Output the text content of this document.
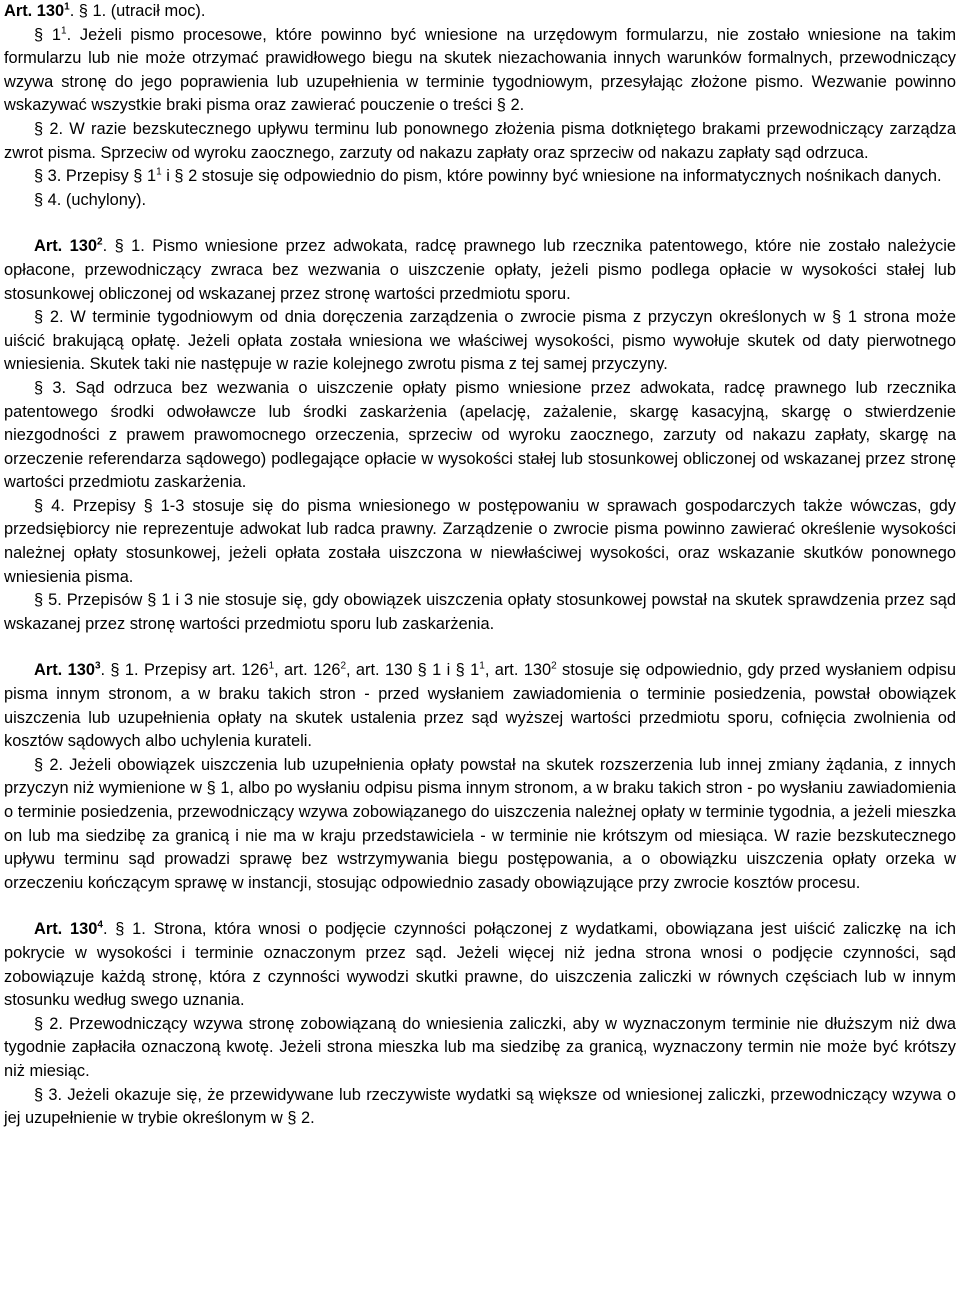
Art. $130^1$. § 1. (utracił moc).

§ $1^1$. Jeżeli pismo procesowe, które powinno być wniesione na urzędowym formularzu, nie zostało wniesione na takim formularzu lub nie może otrzymać prawidłowego biegu na skutek niezachowania innych warunków formalnych, przewodniczący wzywa stronę do jego poprawienia lub uzupełnienia w terminie tygodniowym, przesyłając złożone pismo. Wezwanie powinno wskazywać wszystkie braki pisma oraz zawierać pouczenie o treści § 2.

§ 2. W razie bezskutecznego upływu terminu lub ponownego złożenia pisma dotkniętego brakami przewodniczący zarządza zwrot pisma. Sprzeciw od wyroku zaocznego, zarzuty od nakazu zapłaty oraz sprzeciw od nakazu zapłaty sąd odrzuca.

§ 3. Przepisy § $1^1$ i § 2 stosuje się odpowiednio do pism, które powinny być wniesione na informatycznych nośnikach danych.

§ 4. (uchylony).

Art. $130^2$. § 1. Pismo wniesione przez adwokata, radcę prawnego lub rzecznika patentowego, które nie zostało należycie opłacone, przewodniczący zwraca bez wezwania o uiszczenie opłaty, jeżeli pismo podlega opłacie w wysokości stałej lub stosunkowej obliczonej od wskazanej przez stronę wartości przedmiotu sporu.

§ 2. W terminie tygodniowym od dnia doręczenia zarządzenia o zwrocie pisma z przyczyn określonych w § 1 strona może uiścić brakującą opłatę. Jeżeli opłata została wniesiona we właściwej wysokości, pismo wywołuje skutek od daty pierwotnego wniesienia. Skutek taki nie następuje w razie kolejnego zwrotu pisma z tej samej przyczyny.

§ 3. Sąd odrzuca bez wezwania o uiszczenie opłaty pismo wniesione przez adwokata, radcę prawnego lub rzecznika patentowego środki odwoławcze lub środki zaskarżenia (apelację, zażalenie, skargę kasacyjną, skargę o stwierdzenie niezgodności z prawem prawomocnego orzeczenia, sprzeciw od wyroku zaocznego, zarzuty od nakazu zapłaty, skargę na orzeczenie referendarza sądowego) podlegające opłacie w wysokości stałej lub stosunkowej obliczonej od wskazanej przez stronę wartości przedmiotu zaskarżenia.

§ 4. Przepisy § 1-3 stosuje się do pisma wniesionego w postępowaniu w sprawach gospodarczych także wówczas, gdy przedsiębiorcy nie reprezentuje adwokat lub radca prawny. Zarządzenie o zwrocie pisma powinno zawierać określenie wysokości należnej opłaty stosunkowej, jeżeli opłata została uiszczona w niewłaściwej wysokości, oraz wskazanie skutków ponownego wniesienia pisma.

§ 5. Przepisów § 1 i 3 nie stosuje się, gdy obowiązek uiszczenia opłaty stosunkowej powstał na skutek sprawdzenia przez sąd wskazanej przez stronę wartości przedmiotu sporu lub zaskarżenia.

Art. $130^3$. § 1. Przepisy art. $126^1$, art. $126^2$, art. 130 § 1 i § $1^1$, art. $130^2$ stosuje się odpowiednio, gdy przed wysłaniem odpisu pisma innym stronom, a w braku takich stron - przed wysłaniem zawiadomienia o terminie posiedzenia, powstał obowiązek uiszczenia lub uzupełnienia opłaty na skutek ustalenia przez sąd wyższej wartości przedmiotu sporu, cofnięcia zwolnienia od kosztów sądowych albo uchylenia kurateli.

§ 2. Jeżeli obowiązek uiszczenia lub uzupełnienia opłaty powstał na skutek rozszerzenia lub innej zmiany żądania, z innych przyczyn niż wymienione w § 1, albo po wysłaniu odpisu pisma innym stronom, a w braku takich stron - po wysłaniu zawiadomienia o terminie posiedzenia, przewodniczący wzywa zobowiązanego do uiszczenia należnej opłaty w terminie tygodnia, a jeżeli mieszka on lub ma siedzibę za granicą i nie ma w kraju przedstawiciela - w terminie nie krótszym od miesiąca. W razie bezskutecznego upływu terminu sąd prowadzi sprawę bez wstrzymywania biegu postępowania, a o obowiązku uiszczenia opłaty orzeka w orzeczeniu kończącym sprawę w instancji, stosując odpowiednio zasady obowiązujące przy zwrocie kosztów procesu.

Art. $130^4$. § 1. Strona, która wnosi o podjęcie czynności połączonej z wydatkami, obowiązana jest uiścić zaliczkę na ich pokrycie w wysokości i terminie oznaczonym przez sąd. Jeżeli więcej niż jedna strona wnosi o podjęcie czynności, sąd zobowiązuje każdą stronę, która z czynności wywodzi skutki prawne, do uiszczenia zaliczki w równych częściach lub w innym stosunku według swego uznania.

§ 2. Przewodniczący wzywa stronę zobowiązaną do wniesienia zaliczki, aby w wyznaczonym terminie nie dłuższym niż dwa tygodnie zapłaciła oznaczoną kwotę. Jeżeli strona mieszka lub ma siedzibę za granicą, wyznaczony termin nie może być krótszy niż miesiąc.

§ 3. Jeżeli okazuje się, że przewidywane lub rzeczywiste wydatki są większe od wniesionej zaliczki, przewodniczący wzywa o jej uzupełnienie w trybie określonym w § 2.
